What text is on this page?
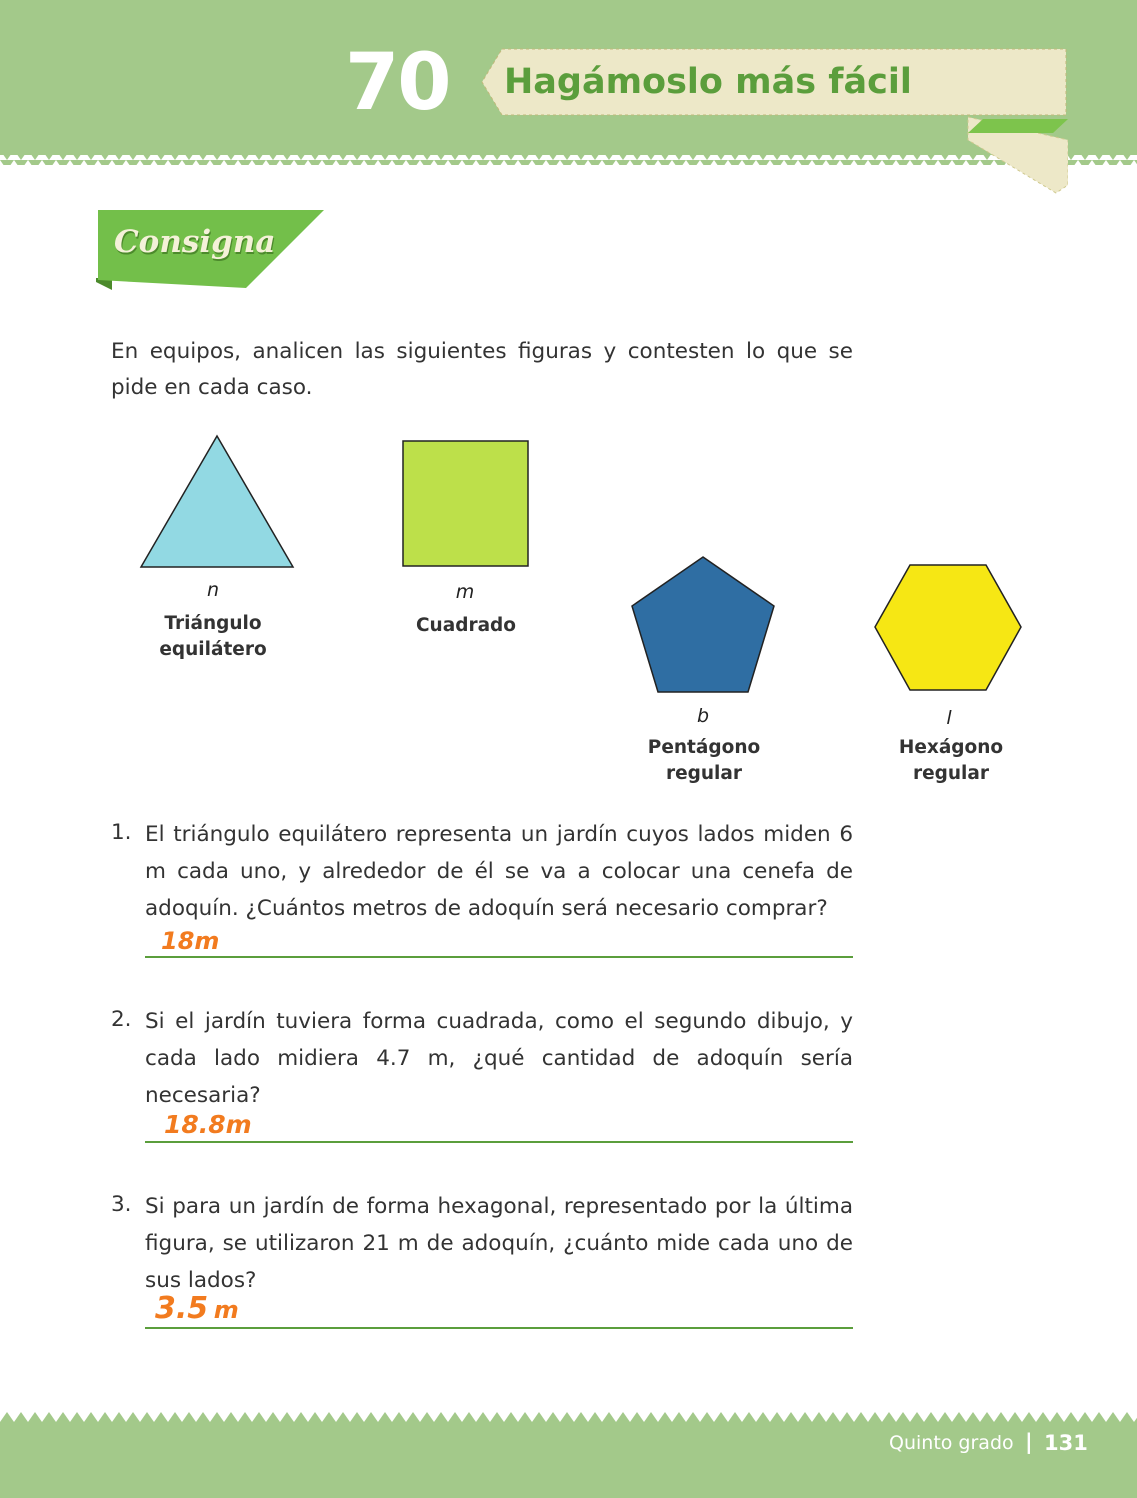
70 Hagámoslo más fácil
Consigna
En equipos, analicen las siguientes figuras y contesten lo que se pide en cada caso.
n
Triángulo
equilátero
m
Cuadrado
b
Pentágono
regular
l
Hexágono
regular
1. El triángulo equilátero representa un jardín cuyos lados miden 6 m cada uno, y alrededor de él se va a colocar una cenefa de adoquín. ¿Cuántos metros de adoquín será necesario comprar?
18m
2. Si el jardín tuviera forma cuadrada, como el segundo dibujo, y cada lado midiera 4.7 m, ¿qué cantidad de adoquín sería necesaria?
18.8m
3. Si para un jardín de forma hexagonal, representado por la última figura, se utilizaron 21 m de adoquín, ¿cuánto mide cada uno de sus lados?
3.5 m
Quinto grado | 131
